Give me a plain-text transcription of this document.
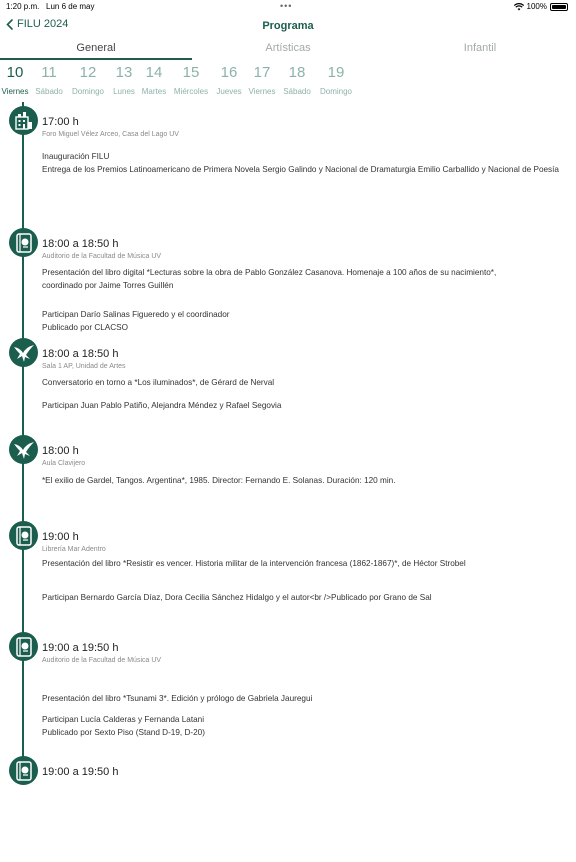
1:20 p.m. Lun 6 de may	•••	100%
FILU 2024	Programa
General	Artísticas	Infantil
10
Viernes
11
Sábado
12
Domingo
13
Lunes
14
Martes
15
Miércoles
16
Jueves
17
Viernes
18
Sábado
19
Domingo
17:00 h
Foro Miguel Vélez Arceo, Casa del Lago UV
Inauguración FILU
Entrega de los Premios Latinoamericano de Primera Novela Sergio Galindo y Nacional de Dramaturgia Emilio Carballido y Nacional de Poesía
18:00 a 18:50 h
Auditorio de la Facultad de Música UV
Presentación del libro digital *Lecturas sobre la obra de Pablo González Casanova. Homenaje a 100 años de su nacimiento*,
coordinado por Jaime Torres Guillén
Participan Darío Salinas Figueredo y el coordinador
Publicado por CLACSO
18:00 a 18:50 h
Sala 1 AP, Unidad de Artes
Conversatorio en torno a *Los iluminados*, de Gérard de Nerval
Participan Juan Pablo Patiño, Alejandra Méndez y Rafael Segovia
18:00 h
Aula Clavijero
*El exilio de Gardel, Tangos. Argentina*, 1985. Director: Fernando E. Solanas. Duración: 120 min.
19:00 h
Librería Mar Adentro
Presentación del libro *Resistir es vencer. Historia militar de la intervención francesa (1862-1867)*, de Héctor Strobel
Participan Bernardo García Díaz, Dora Cecilia Sánchez Hidalgo y el autor<br />Publicado por Grano de Sal
19:00 a 19:50 h
Auditorio de la Facultad de Música UV
Presentación del libro *Tsunami 3*. Edición y prólogo de Gabriela Jauregui
Participan Lucía Calderas y Fernanda Latani
Publicado por Sexto Piso (Stand D-19, D-20)
19:00 a 19:50 h
